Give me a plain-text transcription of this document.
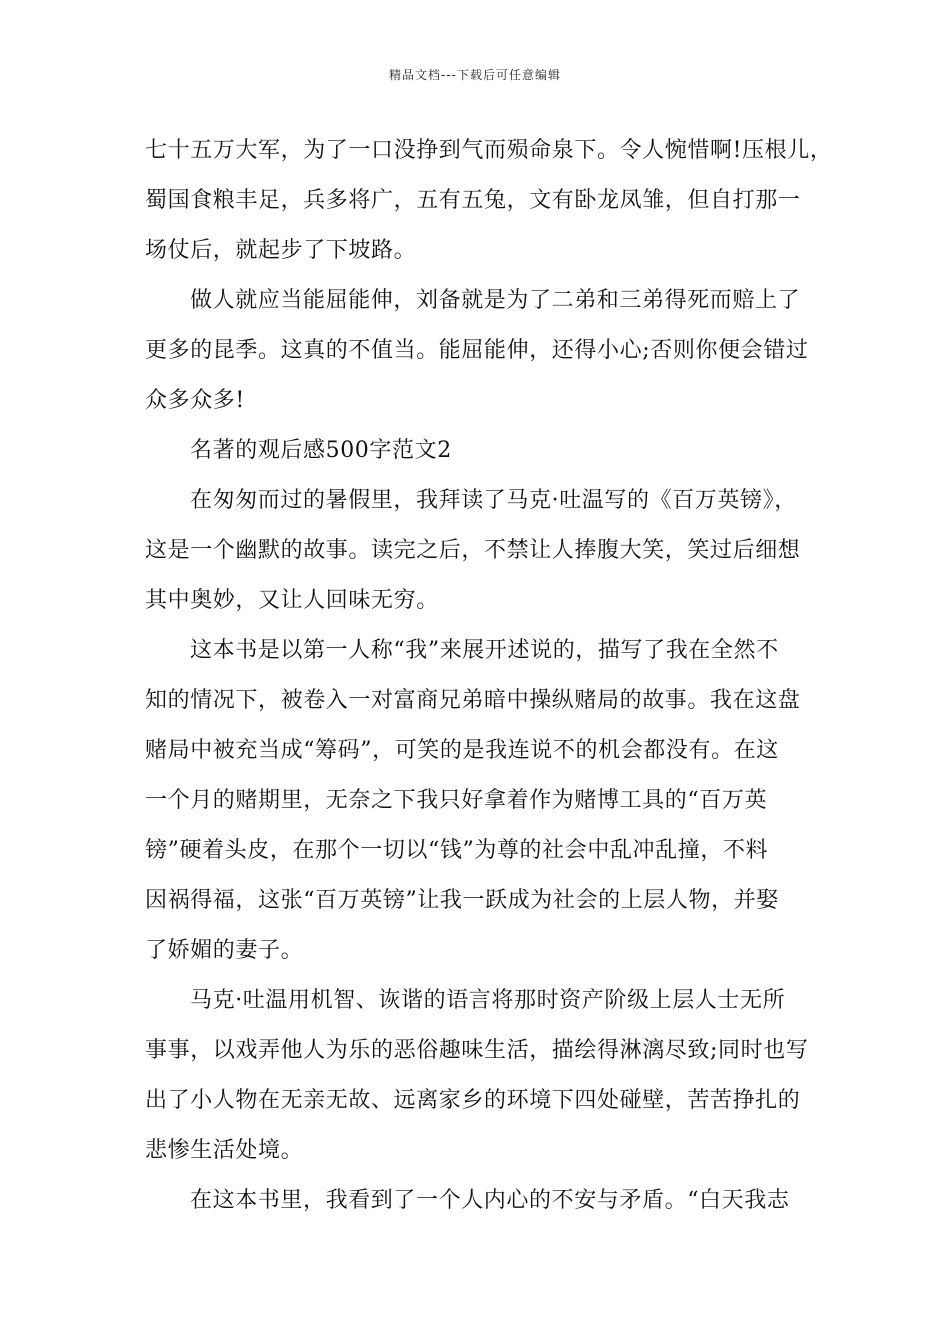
精品文档---下载后可任意编辑
七十五万大军，为了一口没挣到气而殒命泉下。令人惋惜啊!压根儿，
蜀国食粮丰足，兵多将广，五有五兔，文有卧龙凤雏，但自打那一
场仗后，就起步了下坡路。
做人就应当能屈能伸，刘备就是为了二弟和三弟得死而赔上了
更多的昆季。这真的不值当。能屈能伸，还得小心;否则你便会错过
众多众多!
名著的观后感500字范文2
在匆匆而过的暑假里，我拜读了马克·吐温写的《百万英镑》，
这是一个幽默的故事。读完之后，不禁让人捧腹大笑，笑过后细想
其中奥妙，又让人回味无穷。
这本书是以第一人称“我”来展开述说的，描写了我在全然不
知的情况下，被卷入一对富商兄弟暗中操纵赌局的故事。我在这盘
赌局中被充当成“筹码”，可笑的是我连说不的机会都没有。在这
一个月的赌期里，无奈之下我只好拿着作为赌博工具的“百万英
镑”硬着头皮，在那个一切以“钱”为尊的社会中乱冲乱撞，不料
因祸得福，这张“百万英镑”让我一跃成为社会的上层人物，并娶
了娇媚的妻子。
马克·吐温用机智、诙谐的语言将那时资产阶级上层人士无所
事事，以戏弄他人为乐的恶俗趣味生活，描绘得淋漓尽致;同时也写
出了小人物在无亲无故、远离家乡的环境下四处碰壁，苦苦挣扎的
悲惨生活处境。
在这本书里，我看到了一个人内心的不安与矛盾。“白天我志
